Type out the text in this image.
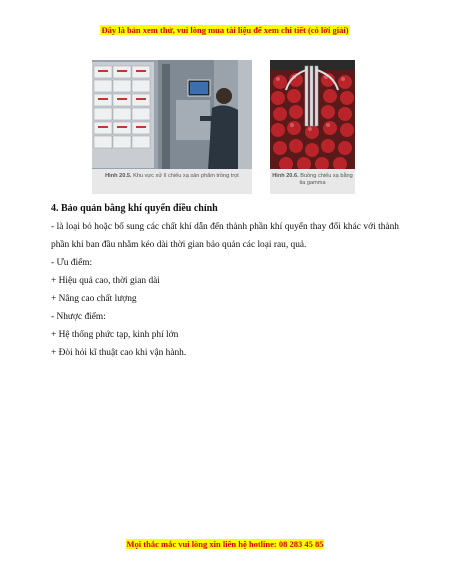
Đây là bản xem thử, vui lòng mua tài liệu để xem chi tiết (có lời giải)
Hình 20.5. Khu vực xử lí chiếu xạ sản phẩm trồng trọt	Hình 20.6. Buồng chiếu xạ bằng tia gamma

4. Bảo quản bằng khí quyển điều chỉnh

- là loại bỏ hoặc bổ sung các chất khí dẫn đến thành phần khí quyển thay đổi khác với thành phần khí ban đầu nhằm kéo dài thời gian bảo quản các loại rau, quả.

- Ưu điểm:

+ Hiệu quả cao, thời gian dài

+ Nâng cao chất lượng

- Nhược điểm:

+ Hệ thống phức tạp, kinh phí lớn

+ Đòi hỏi kĩ thuật cao khi vận hành.

Mọi thắc mắc vui lòng xin liên hệ hotline: 08 283 45 85
